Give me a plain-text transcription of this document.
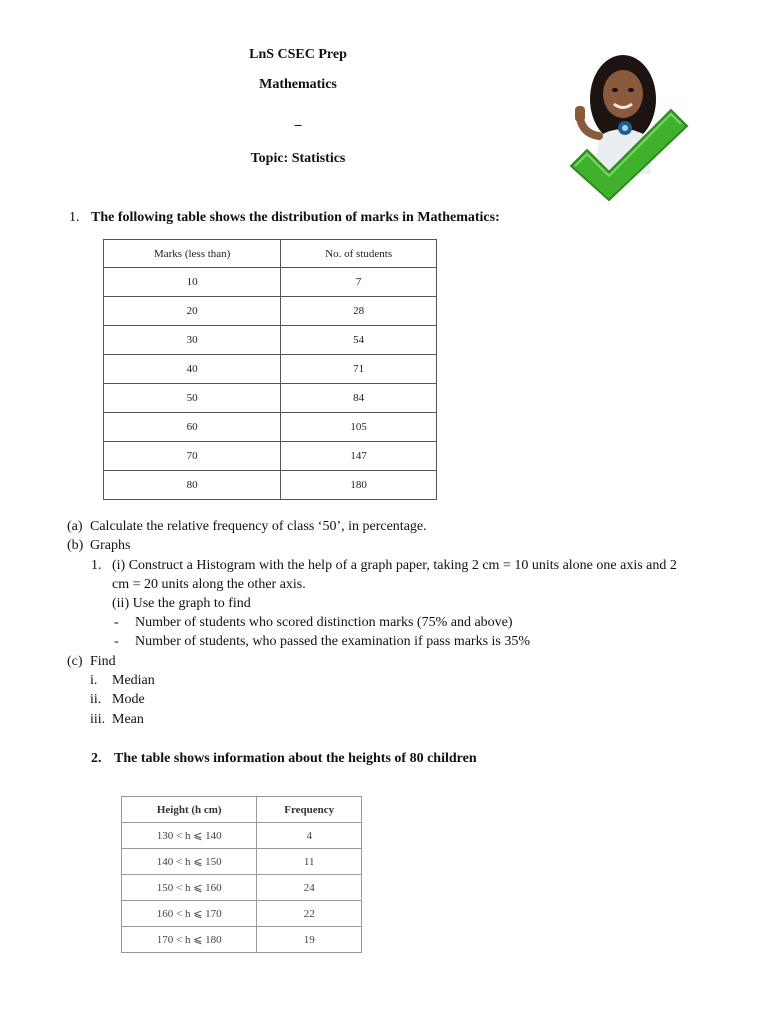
LnS CSEC Prep
Mathematics
_
Topic: Statistics
1. The following table shows the distribution of marks in Mathematics:
Marks (less than)	No. of students
10	7
20	28
30	54
40	71
50	84
60	105
70	147
80	180
(a) Calculate the relative frequency of class ‘50’, in percentage.
(b) Graphs
1. (i) Construct a Histogram with the help of a graph paper, taking 2 cm = 10 units alone one axis and 2
cm = 20 units along the other axis.
(ii) Use the graph to find
- Number of students who scored distinction marks (75% and above)
- Number of students, who passed the examination if pass marks is 35%
(c) Find
i. Median
ii. Mode
iii. Mean
2. The table shows information about the heights of 80 children
Height (h cm)	Frequency
130 < h ⩽ 140	4
140 < h ⩽ 150	11
150 < h ⩽ 160	24
160 < h ⩽ 170	22
170 < h ⩽ 180	19
